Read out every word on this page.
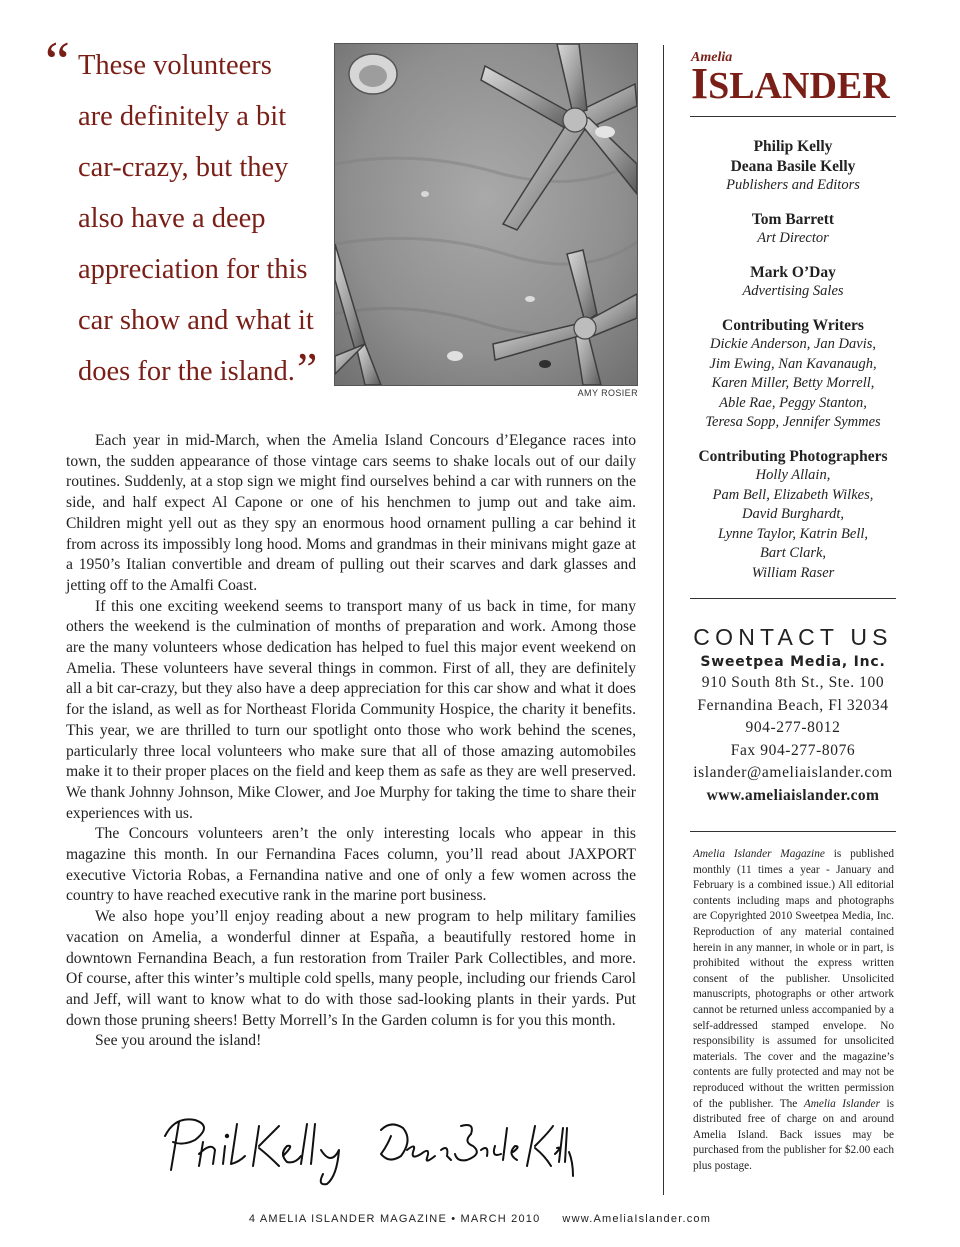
“ These volunteers
are definitely a bit
car-crazy, but they
also have a deep
appreciation for this
car show and what it
does for the island.”	AMY ROSIER

Each year in mid-March, when the Amelia Island Concours d’Elegance races into town, the sudden appearance of those vintage cars seems to shake locals out of our daily routines. Suddenly, at a stop sign we might find ourselves behind a car with runners on the side, and half expect Al Capone or one of his henchmen to jump out and take aim. Children might yell out as they spy an enormous hood ornament pulling a car behind it from across its impossibly long hood. Moms and grandmas in their minivans might gaze at a 1950’s Italian convertible and dream of pulling out their scarves and dark glasses and jetting off to the Amalfi Coast.

If this one exciting weekend seems to transport many of us back in time, for many others the weekend is the culmination of months of preparation and work. Among those are the many volunteers whose dedication has helped to fuel this major event weekend on Amelia. These volunteers have several things in common. First of all, they are definitely all a bit car-crazy, but they also have a deep appreciation for this car show and what it does for the island, as well as for Northeast Florida Community Hospice, the charity it benefits. This year, we are thrilled to turn our spotlight onto those who work behind the scenes, particularly three local volunteers who make sure that all of those amazing automobiles make it to their proper places on the field and keep them as safe as they are well preserved. We thank Johnny Johnson, Mike Clower, and Joe Murphy for taking the time to share their experiences with us.

The Concours volunteers aren’t the only interesting locals who appear in this magazine this month. In our Fernandina Faces column, you’ll read about JAXPORT executive Victoria Robas, a Fernandina native and one of only a few women across the country to have reached executive rank in the marine port business.

We also hope you’ll enjoy reading about a new program to help military families vacation on Amelia, a wonderful dinner at España, a beautifully restored home in downtown Fernandina Beach, a fun restoration from Trailer Park Collectibles, and more. Of course, after this winter’s multiple cold spells, many people, including our friends Carol and Jeff, will want to know what to do with those sad-looking plants in their yards. Put down those pruning sheers! Betty Morrell’s In the Garden column is for you this month.

See you around the island!

Amelia
ISLANDER
Philip Kelly
Deana Basile Kelly
Publishers and Editors
Tom Barrett
Art Director
Mark O’Day
Advertising Sales
Contributing Writers
Dickie Anderson, Jan Davis,
Jim Ewing, Nan Kavanaugh,
Karen Miller, Betty Morrell,
Able Rae, Peggy Stanton,
Teresa Sopp, Jennifer Symmes
Contributing Photographers
Holly Allain,
Pam Bell, Elizabeth Wilkes,
David Burghardt,
Lynne Taylor, Katrin Bell,
Bart Clark,
William Raser
CONTACT US
Sweetpea Media, Inc.
910 South 8th St., Ste. 100
Fernandina Beach, Fl 32034
904-277-8012
Fax 904-277-8076
islander@ameliaislander.com
www.ameliaislander.com
Amelia Islander Magazine is published monthly (11 times a year - January and February is a combined issue.) All editorial contents including maps and photographs are Copyrighted 2010 Sweetpea Media, Inc. Reproduction of any material contained herein in any manner, in whole or in part, is prohibited without the express written consent of the publisher. Unsolicited manuscripts, photographs or other artwork cannot be returned unless accompanied by a self-addressed stamped envelope. No responsibility is assumed for unsolicited materials. The cover and the magazine’s contents are fully protected and may not be reproduced without the written permission of the publisher. The Amelia Islander is distributed free of charge on and around Amelia Island. Back issues may be purchased from the publisher for $2.00 each plus postage.
4 AMELIA ISLANDER MAGAZINE • MARCH 2010 www.AmeliaIslander.com
